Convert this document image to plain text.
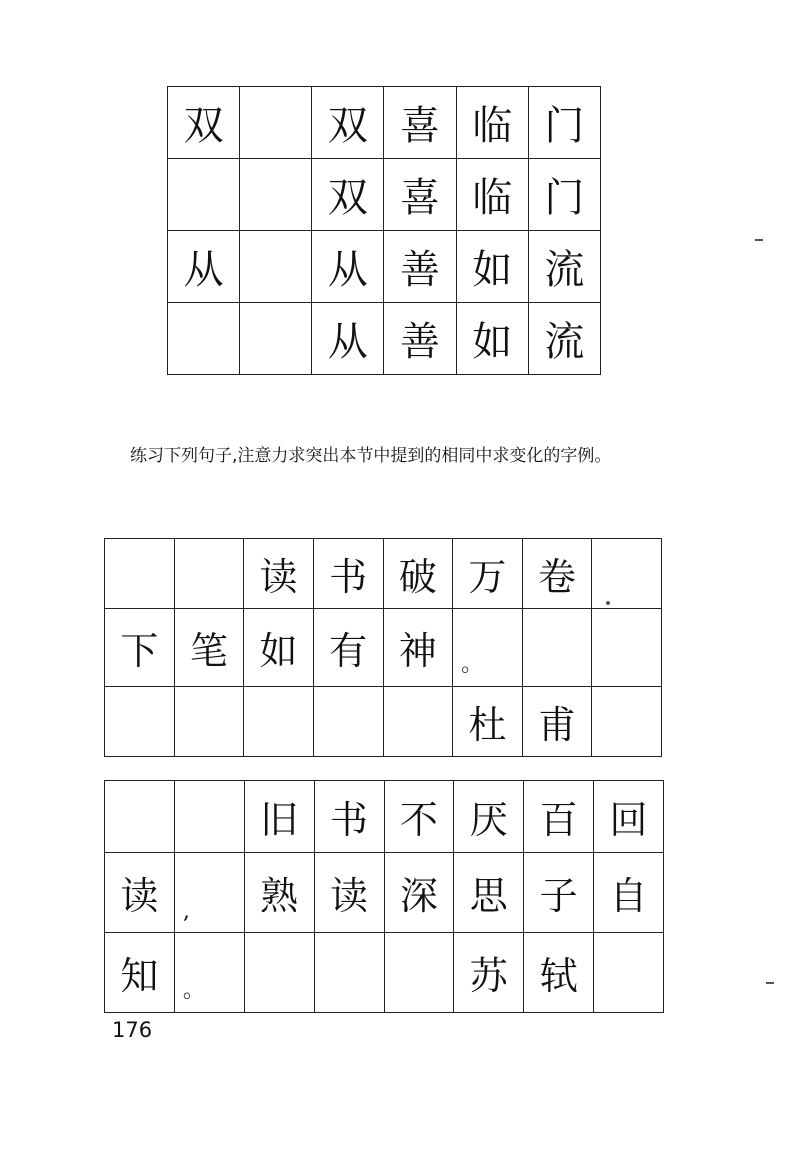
双		双	喜	临	门
		双	喜	临	门
从		从	善	如	流
		从	善	如	流

练习下列句子,注意力求突出本节中提到的相同中求变化的字例。

		读	书	破	万	卷	
下	笔	如	有	神	。		
					杜	甫	
		旧	书	不	厌	百	回
读	,	熟	读	深	思	子	自
知	。				苏	轼	
176
